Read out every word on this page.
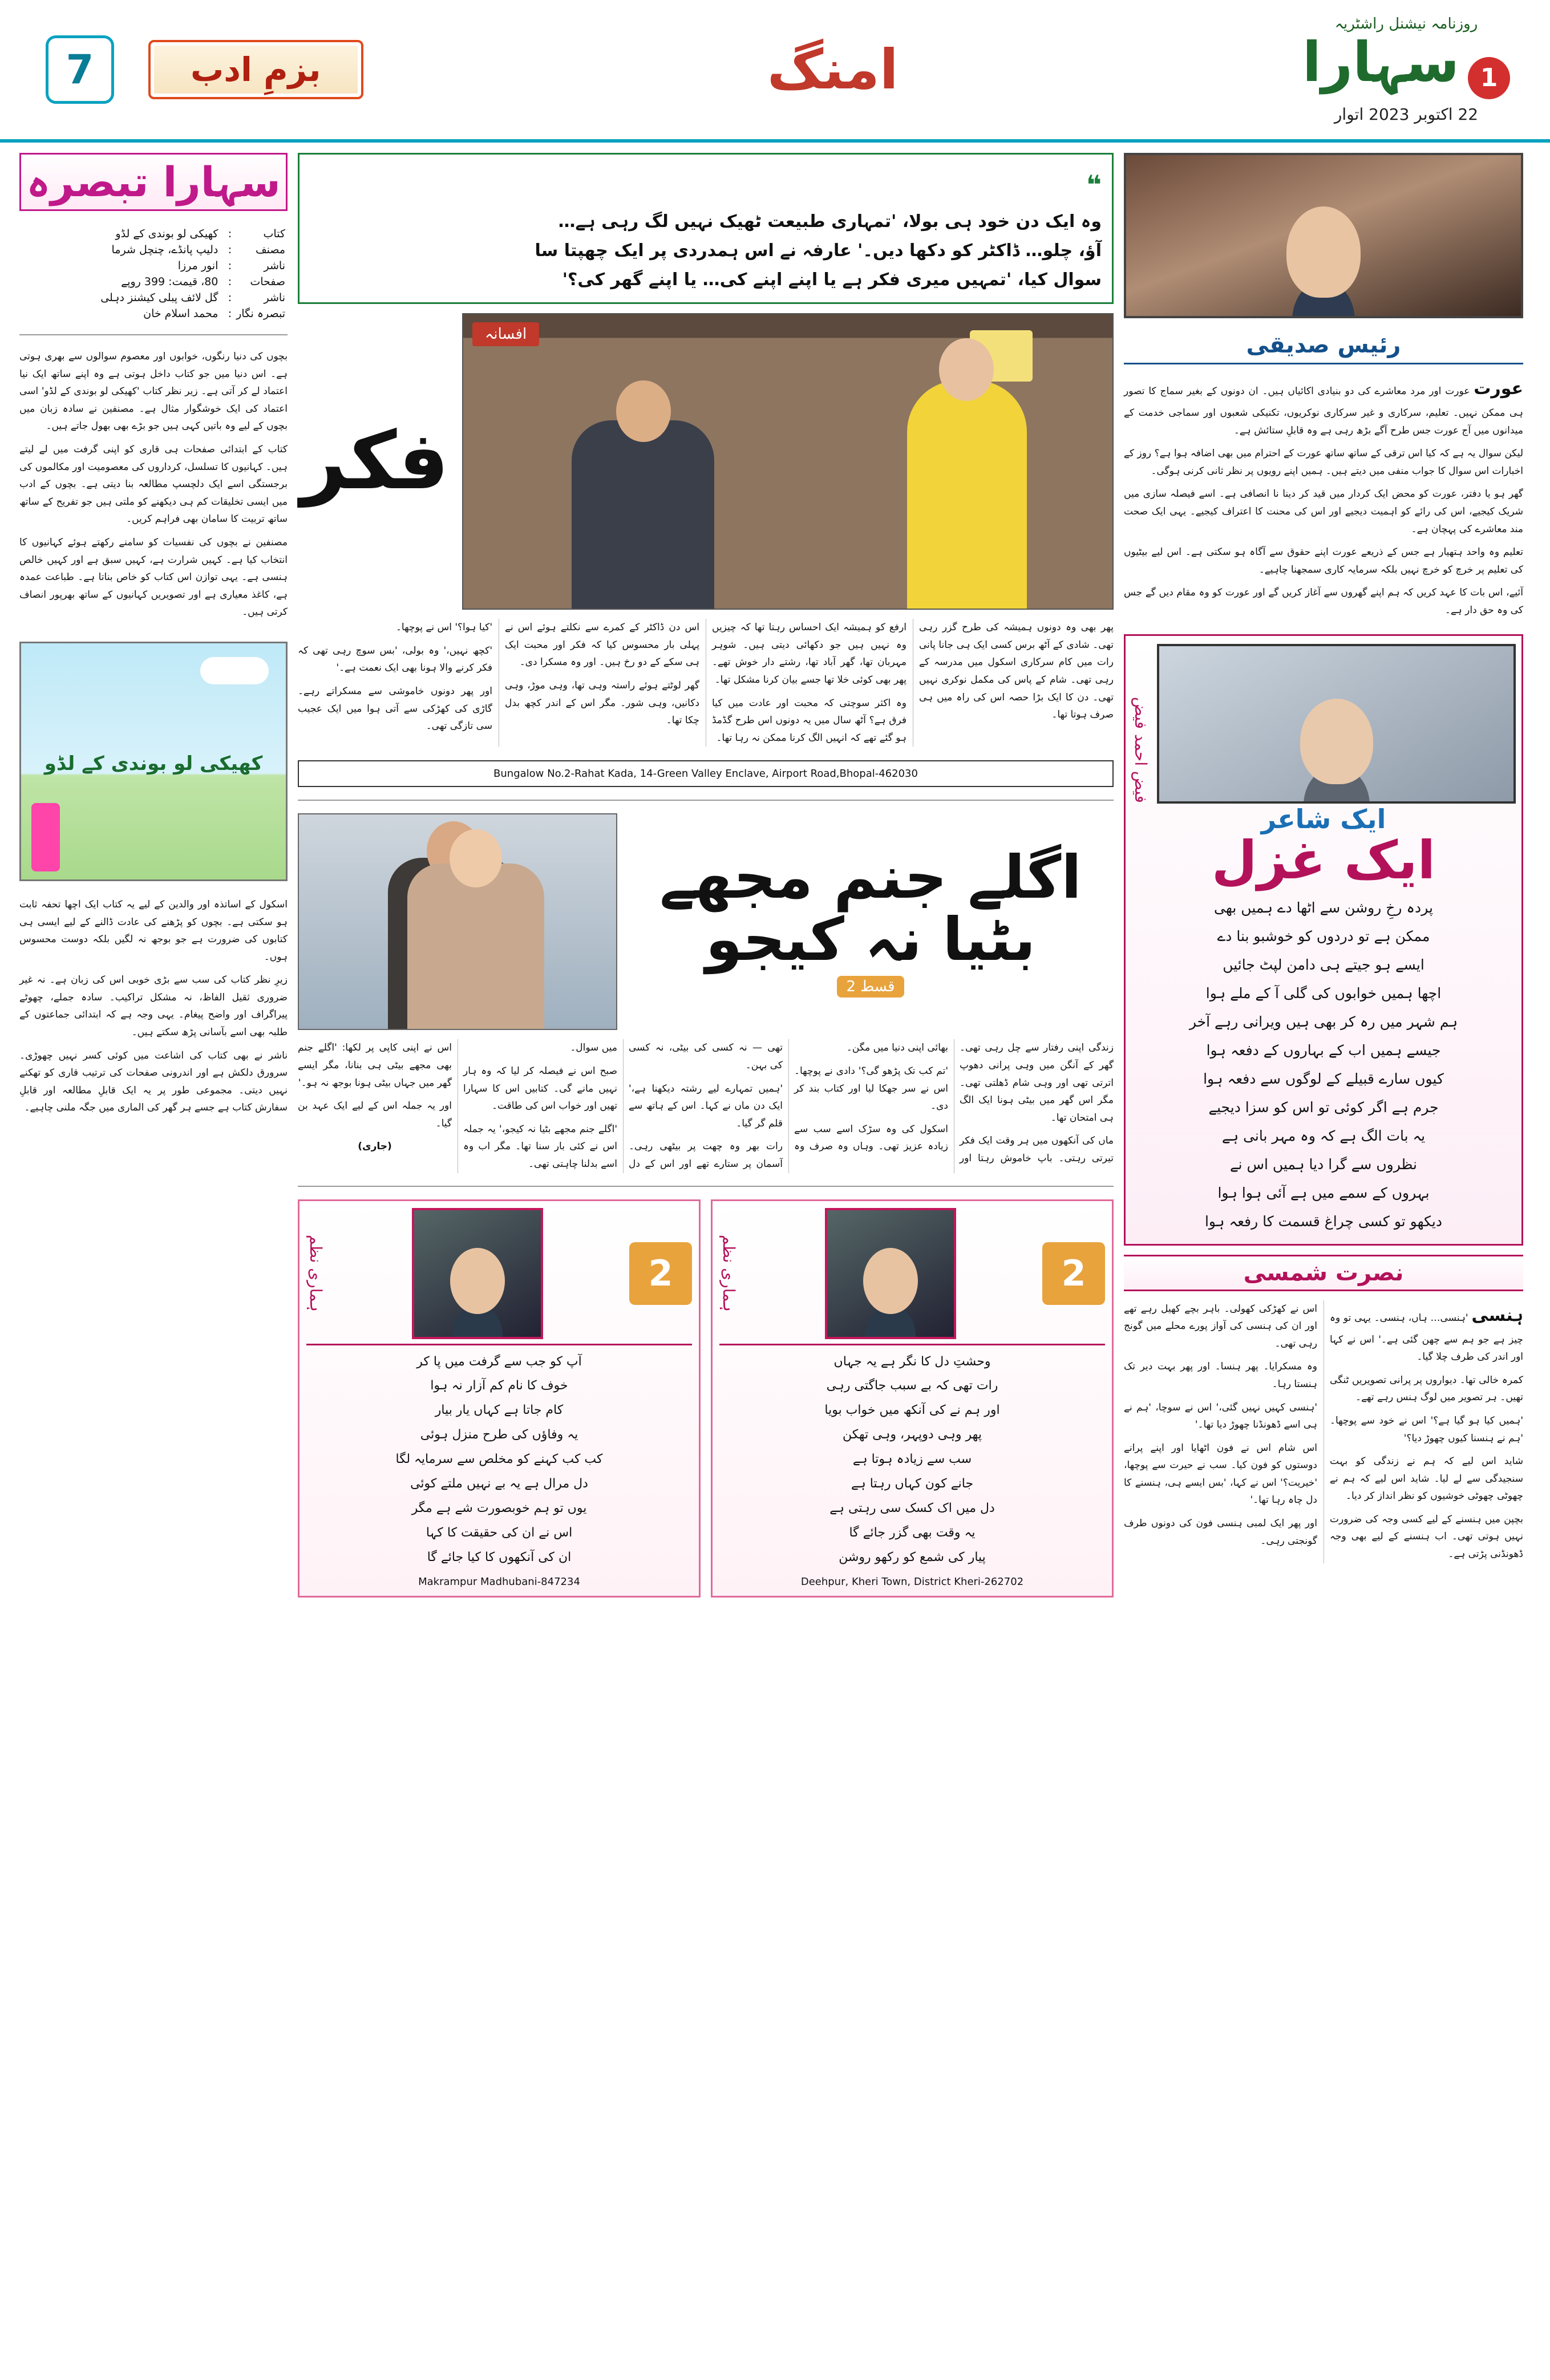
7	بزمِ ادب	امنگ
روزنامہ نیشنل راشٹریہ
1 سہارا
22 اکتوبر 2023 اتوار
سہارا تبصرہ
کتاب	:	کھیکی لو بوندی کے لڈو
مصنف	:	دلیپ پانڈے، چنچل شرما
ناشر	:	انور مرزا
صفحات	:	80، قیمت: 399 روپے
ناشر	:	گل لائف پبلی کیشنز دہلی
تبصرہ نگار	:	محمد اسلام خان

بچوں کی دنیا رنگوں، خوابوں اور معصوم سوالوں سے بھری ہوتی ہے۔ اس دنیا میں جو کتاب داخل ہوتی ہے وہ اپنے ساتھ ایک نیا اعتماد لے کر آتی ہے۔ زیر نظر کتاب 'کھیکی لو بوندی کے لڈو' اسی اعتماد کی ایک خوشگوار مثال ہے۔ مصنفین نے سادہ زبان میں بچوں کے لیے وہ باتیں کہی ہیں جو بڑے بھی بھول جاتے ہیں۔

کتاب کے ابتدائی صفحات ہی قاری کو اپنی گرفت میں لے لیتے ہیں۔ کہانیوں کا تسلسل، کرداروں کی معصومیت اور مکالموں کی برجستگی اسے ایک دلچسپ مطالعہ بنا دیتی ہے۔ بچوں کے ادب میں ایسی تخلیقات کم ہی دیکھنے کو ملتی ہیں جو تفریح کے ساتھ ساتھ تربیت کا سامان بھی فراہم کریں۔

مصنفین نے بچوں کی نفسیات کو سامنے رکھتے ہوئے کہانیوں کا انتخاب کیا ہے۔ کہیں شرارت ہے، کہیں سبق ہے اور کہیں خالص ہنسی ہے۔ یہی توازن اس کتاب کو خاص بناتا ہے۔ طباعت عمدہ ہے، کاغذ معیاری ہے اور تصویریں کہانیوں کے ساتھ بھرپور انصاف کرتی ہیں۔

کھیکی لو بوندی کے لڈو

اسکول کے اساتذہ اور والدین کے لیے یہ کتاب ایک اچھا تحفہ ثابت ہو سکتی ہے۔ بچوں کو پڑھنے کی عادت ڈالنے کے لیے ایسی ہی کتابوں کی ضرورت ہے جو بوجھ نہ لگیں بلکہ دوست محسوس ہوں۔

زیرِ نظر کتاب کی سب سے بڑی خوبی اس کی زبان ہے۔ نہ غیر ضروری ثقیل الفاظ، نہ مشکل تراکیب۔ سادہ جملے، چھوٹے پیراگراف اور واضح پیغام۔ یہی وجہ ہے کہ ابتدائی جماعتوں کے طلبہ بھی اسے بآسانی پڑھ سکتے ہیں۔

ناشر نے بھی کتاب کی اشاعت میں کوئی کسر نہیں چھوڑی۔ سرورق دلکش ہے اور اندرونی صفحات کی ترتیب قاری کو تھکنے نہیں دیتی۔ مجموعی طور پر یہ ایک قابلِ مطالعہ اور قابلِ سفارش کتاب ہے جسے ہر گھر کی الماری میں جگہ ملنی چاہیے۔

❝
وہ ایک دن خود ہی بولا، 'تمہاری طبیعت ٹھیک نہیں لگ رہی ہے…
آؤ، چلو… ڈاکٹر کو دکھا دیں۔' عارفہ نے اس ہمدردی پر ایک چھپتا سا
سوال کیا، 'تمہیں میری فکر ہے یا اپنے اپنے کی… یا اپنے گھر کی؟'
افسانہ
فکر

پھر بھی وہ دونوں ہمیشہ کی طرح گزر رہی تھی۔ شادی کے آٹھ برس کسی ایک ہی جانا پانی رات میں کام سرکاری اسکول میں مدرسہ کے رہی تھی۔ شام کے پاس کی مکمل نوکری نہیں تھی۔ دن کا ایک بڑا حصہ اس کی راہ میں ہی صرف ہوتا تھا۔

ارفع کو ہمیشہ ایک احساس رہتا تھا کہ چیزیں وہ نہیں ہیں جو دکھائی دیتی ہیں۔ شوہر مہربان تھا، گھر آباد تھا، رشتے دار خوش تھے۔ پھر بھی کوئی خلا تھا جسے بیان کرنا مشکل تھا۔

وہ اکثر سوچتی کہ محبت اور عادت میں کیا فرق ہے؟ آٹھ سال میں یہ دونوں اس طرح گڈمڈ ہو گئے تھے کہ انہیں الگ کرنا ممکن نہ رہا تھا۔

اس دن ڈاکٹر کے کمرے سے نکلتے ہوئے اس نے پہلی بار محسوس کیا کہ فکر اور محبت ایک ہی سکے کے دو رخ ہیں۔ اور وہ مسکرا دی۔

گھر لوٹتے ہوئے راستہ وہی تھا، وہی موڑ، وہی دکانیں، وہی شور۔ مگر اس کے اندر کچھ بدل چکا تھا۔

'کیا ہوا؟' اس نے پوچھا۔

'کچھ نہیں،' وہ بولی، 'بس سوچ رہی تھی کہ فکر کرنے والا ہونا بھی ایک نعمت ہے۔'

اور پھر دونوں خاموشی سے مسکراتے رہے۔ گاڑی کی کھڑکی سے آتی ہوا میں ایک عجیب سی تازگی تھی۔

Bungalow No.2-Rahat Kada, 14-Green Valley Enclave, Airport Road,Bhopal-462030
اگلے جنم مجھے بٹیا نہ کیجو
قسط 2

زندگی اپنی رفتار سے چل رہی تھی۔ گھر کے آنگن میں وہی پرانی دھوپ اترتی تھی اور وہی شام ڈھلتی تھی۔ مگر اس گھر میں بیٹی ہونا ایک الگ ہی امتحان تھا۔

ماں کی آنکھوں میں ہر وقت ایک فکر تیرتی رہتی۔ باپ خاموش رہتا اور بھائی اپنی دنیا میں مگن۔

'تم کب تک پڑھو گی؟' دادی نے پوچھا۔ اس نے سر جھکا لیا اور کتاب بند کر دی۔

اسکول کی وہ سڑک اسے سب سے زیادہ عزیز تھی۔ وہاں وہ صرف وہ تھی — نہ کسی کی بیٹی، نہ کسی کی بہن۔

'ہمیں تمہارے لیے رشتہ دیکھنا ہے،' ایک دن ماں نے کہا۔ اس کے ہاتھ سے قلم گر گیا۔

رات بھر وہ چھت پر بیٹھی رہی۔ آسمان پر ستارے تھے اور اس کے دل میں سوال۔

صبح اس نے فیصلہ کر لیا کہ وہ ہار نہیں مانے گی۔ کتابیں اس کا سہارا تھیں اور خواب اس کی طاقت۔

'اگلے جنم مجھے بٹیا نہ کیجو،' یہ جملہ اس نے کئی بار سنا تھا۔ مگر اب وہ اسے بدلنا چاہتی تھی۔

اس نے اپنی کاپی پر لکھا: 'اگلے جنم بھی مجھے بیٹی ہی بنانا، مگر ایسے گھر میں جہاں بیٹی ہونا بوجھ نہ ہو۔'

اور یہ جملہ اس کے لیے ایک عہد بن گیا۔

(جاری)

2
ہماری نظم
وحشتِ دل کا نگر ہے یہ جہاں
رات تھی کہ بے سبب جاگتی رہی
اور ہم نے کی آنکھ میں خواب بویا
پھر وہی دوپہر، وہی تھکن
سب سے زیادہ ہوتا ہے
جانے کون کہاں رہتا ہے
دل میں اک کسک سی رہتی ہے
یہ وقت بھی گزر جائے گا
پیار کی شمع کو رکھو روشن
Deehpur, Kheri Town, District Kheri-262702
2
ہماری نظم
آپ کو جب سے گرفت میں پا کر
خوف کا نام کم آزار نہ ہوا
کام جاتا ہے کہاں یار بیار
یہ وفاؤں کی طرح منزل ہوئی
کب کب کہنے کو مخلص سے سرمایہ لگا
دل مرال ہے یہ بے نہیں ملتے کوئی
یوں تو ہم خوبصورت شے ہے مگر
اس نے ان کی حقیقت کا کہا
ان کی آنکھوں کا کیا جائے گا
Makrampur Madhubani-847234
رئیس صدیقی

عورت عورت اور مرد معاشرے کی دو بنیادی اکائیاں ہیں۔ ان دونوں کے بغیر سماج کا تصور ہی ممکن نہیں۔ تعلیم، سرکاری و غیر سرکاری نوکریوں، تکنیکی شعبوں اور سماجی خدمت کے میدانوں میں آج عورت جس طرح آگے بڑھ رہی ہے وہ قابلِ ستائش ہے۔

لیکن سوال یہ ہے کہ کیا اس ترقی کے ساتھ ساتھ عورت کے احترام میں بھی اضافہ ہوا ہے؟ روز کے اخبارات اس سوال کا جواب منفی میں دیتے ہیں۔ ہمیں اپنے رویوں پر نظر ثانی کرنی ہوگی۔

گھر ہو یا دفتر، عورت کو محض ایک کردار میں قید کر دینا نا انصافی ہے۔ اسے فیصلہ سازی میں شریک کیجیے، اس کی رائے کو اہمیت دیجیے اور اس کی محنت کا اعتراف کیجیے۔ یہی ایک صحت مند معاشرے کی پہچان ہے۔

تعلیم وہ واحد ہتھیار ہے جس کے ذریعے عورت اپنے حقوق سے آگاہ ہو سکتی ہے۔ اس لیے بیٹیوں کی تعلیم پر خرچ کو خرچ نہیں بلکہ سرمایہ کاری سمجھنا چاہیے۔

آئیے، اس بات کا عہد کریں کہ ہم اپنے گھروں سے آغاز کریں گے اور عورت کو وہ مقام دیں گے جس کی وہ حق دار ہے۔

فیض احمد فیض
ایک شاعر
ایک غزل
پردہ رخِ روشن سے اٹھا دے ہمیں بھی
ممکن ہے تو دردوں کو خوشبو بنا دے
ایسے ہو جیتے ہی دامن لپٹ جائیں
اچھا ہمیں خوابوں کی گلی آ کے ملے ہوا
ہم شہر میں رہ کر بھی ہیں ویرانی رہے آخر
جیسے ہمیں اب کے بہاروں کے دفعہ ہوا
کیوں سارے قبیلے کے لوگوں سے دفعہ ہوا
جرم ہے اگر کوئی تو اس کو سزا دیجیے
یہ بات الگ ہے کہ وہ مہر بانی ہے
نظروں سے گرا دیا ہمیں اس نے
بہروں کے سمے میں ہے آئی ہوا ہوا
دیکھو تو کسی چراغ قسمت کا رفعہ ہوا
نصرت شمسی

ہنسی 'ہنسی… ہاں، ہنسی۔ یہی تو وہ چیز ہے جو ہم سے چھن گئی ہے۔' اس نے کہا اور اندر کی طرف چلا گیا۔

کمرہ خالی تھا۔ دیواروں پر پرانی تصویریں ٹنگی تھیں۔ ہر تصویر میں لوگ ہنس رہے تھے۔

'ہمیں کیا ہو گیا ہے؟' اس نے خود سے پوچھا۔ 'ہم نے ہنسنا کیوں چھوڑ دیا؟'

شاید اس لیے کہ ہم نے زندگی کو بہت سنجیدگی سے لے لیا۔ شاید اس لیے کہ ہم نے چھوٹی چھوٹی خوشیوں کو نظر انداز کر دیا۔

بچپن میں ہنسنے کے لیے کسی وجہ کی ضرورت نہیں ہوتی تھی۔ اب ہنسنے کے لیے بھی وجہ ڈھونڈنی پڑتی ہے۔

اس نے کھڑکی کھولی۔ باہر بچے کھیل رہے تھے اور ان کی ہنسی کی آواز پورے محلے میں گونج رہی تھی۔

وہ مسکرایا۔ پھر ہنسا۔ اور پھر بہت دیر تک ہنستا رہا۔

'ہنسی کہیں نہیں گئی،' اس نے سوچا، 'ہم نے ہی اسے ڈھونڈنا چھوڑ دیا تھا۔'

اس شام اس نے فون اٹھایا اور اپنے پرانے دوستوں کو فون کیا۔ سب نے حیرت سے پوچھا، 'خیریت؟' اس نے کہا، 'بس ایسے ہی، ہنسنے کا دل چاہ رہا تھا۔'

اور پھر ایک لمبی ہنسی فون کی دونوں طرف گونجتی رہی۔
